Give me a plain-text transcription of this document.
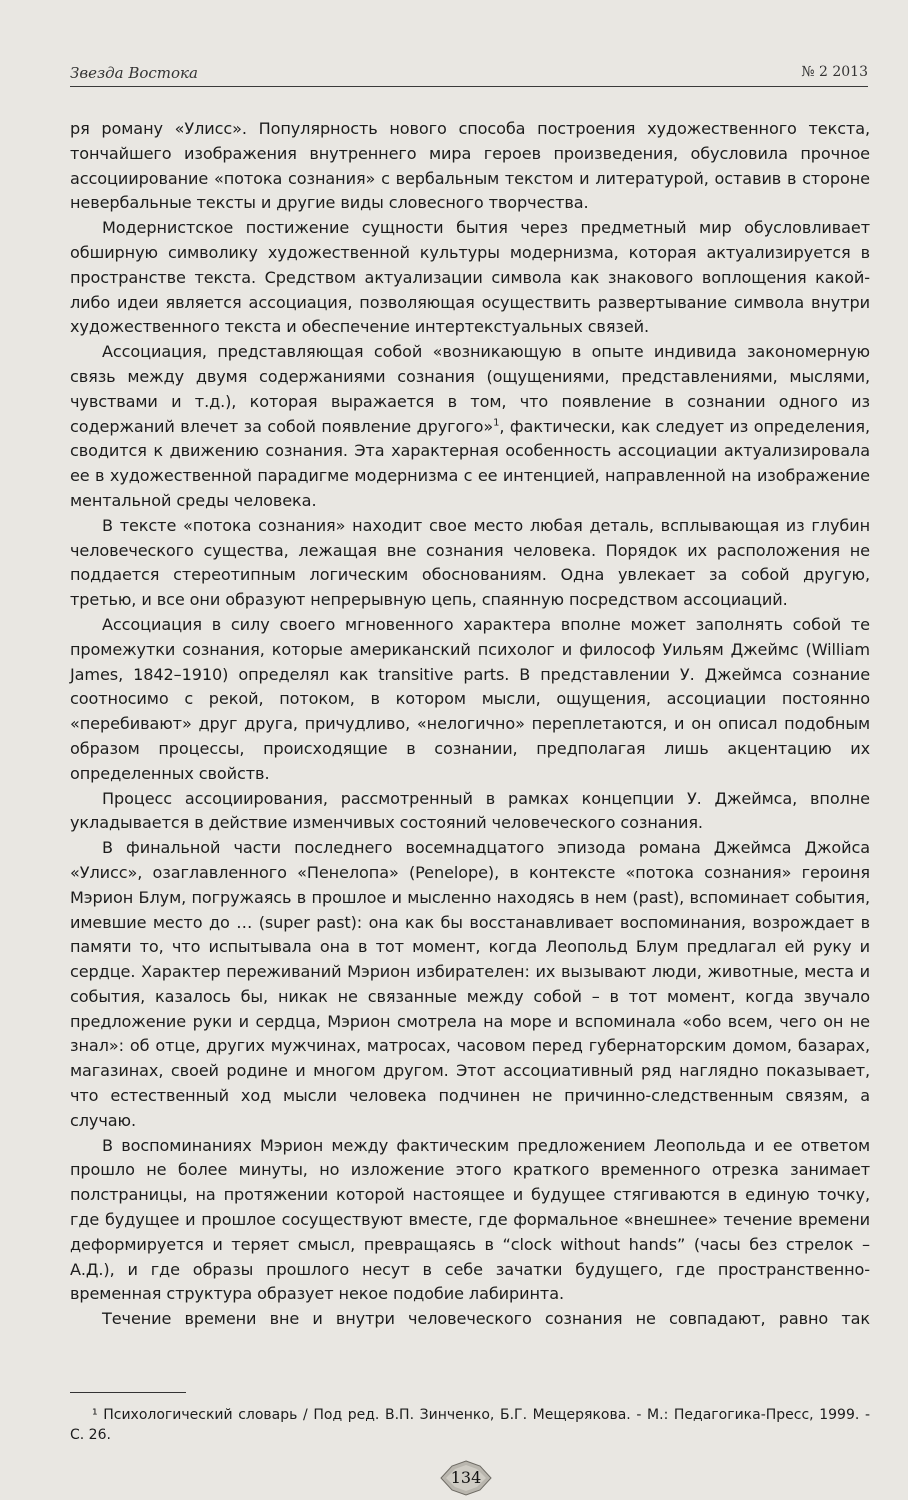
Звезда Востока	№ 2 2013

ря роману «Улисс». Популярность нового способа построения художественного текста, тончайшего изображения внутреннего мира героев произведения, обусловила прочное ассоциирование «потока сознания» с вербальным текстом и литературой, оставив в стороне невербальные тексты и другие виды словесного творчества.

Модернистское постижение сущности бытия через предметный мир обусловливает обширную символику художественной культуры модернизма, которая актуализируется в пространстве текста. Средством актуализации символа как знакового воплощения какой-либо идеи является ассоциация, позволяющая осуществить развертывание символа внутри художественного текста и обеспечение интертекстуальных связей.

Ассоциация, представляющая собой «возникающую в опыте индивида закономерную связь между двумя содержаниями сознания (ощущениями, представлениями, мыслями, чувствами и т.д.), которая выражается в том, что появление в сознании одного из содержаний влечет за собой появление другого»$^1$, фактически, как следует из определения, сводится к движению сознания. Эта характерная особенность ассоциации актуализировала ее в художественной парадигме модернизма с ее интенцией, направленной на изображение ментальной среды человека.

В тексте «потока сознания» находит свое место любая деталь, всплывающая из глубин человеческого существа, лежащая вне сознания человека. Порядок их расположения не поддается стереотипным логическим обоснованиям. Одна увлекает за собой другую, третью, и все они образуют непрерывную цепь, спаянную посредством ассоциаций.

Ассоциация в силу своего мгновенного характера вполне может заполнять собой те промежутки сознания, которые американский психолог и философ Уильям Джеймс (William James, 1842–1910) определял как transitive parts. В представлении У. Джеймса сознание соотносимо с рекой, потоком, в котором мысли, ощущения, ассоциации постоянно «перебивают» друг друга, причудливо, «нелогично» переплетаются, и он описал подобным образом процессы, происходящие в сознании, предполагая лишь акцентацию их определенных свойств.

Процесс ассоциирования, рассмотренный в рамках концепции У. Джеймса, вполне укладывается в действие изменчивых состояний человеческого сознания.

В финальной части последнего восемнадцатого эпизода романа Джеймса Джойса «Улисс», озаглавленного «Пенелопа» (Penelope), в контексте «потока сознания» героиня Мэрион Блум, погружаясь в прошлое и мысленно находясь в нем (past), вспоминает события, имевшие место до … (super past): она как бы восстанавливает воспоминания, возрождает в памяти то, что испытывала она в тот момент, когда Леопольд Блум предлагал ей руку и сердце. Характер переживаний Мэрион избирателен: их вызывают люди, животные, места и события, казалось бы, никак не связанные между собой – в тот момент, когда звучало предложение руки и сердца, Мэрион смотрела на море и вспоминала «обо всем, чего он не знал»: об отце, других мужчинах, матросах, часовом перед губернаторским домом, базарах, магазинах, своей родине и многом другом. Этот ассоциативный ряд наглядно показывает, что естественный ход мысли человека подчинен не причинно-следственным связям, а случаю.

В воспоминаниях Мэрион между фактическим предложением Леопольда и ее ответом прошло не более минуты, но изложение этого краткого временного отрезка занимает полстраницы, на протяжении которой настоящее и будущее стягиваются в единую точку, где будущее и прошлое сосуществуют вместе, где формальное «внешнее» течение времени деформируется и теряет смысл, превращаясь в “clock without hands” (часы без стрелок – А.Д.), и где образы прошлого несут в себе зачатки будущего, где пространственно-временная структура образует некое подобие лабиринта.

Течение времени вне и внутри человеческого сознания не совпадают, равно так

¹ Психологический словарь / Под ред. В.П. Зинченко, Б.Г. Мещерякова. - М.: Педагогика-Пресс, 1999. - С. 26.

134
